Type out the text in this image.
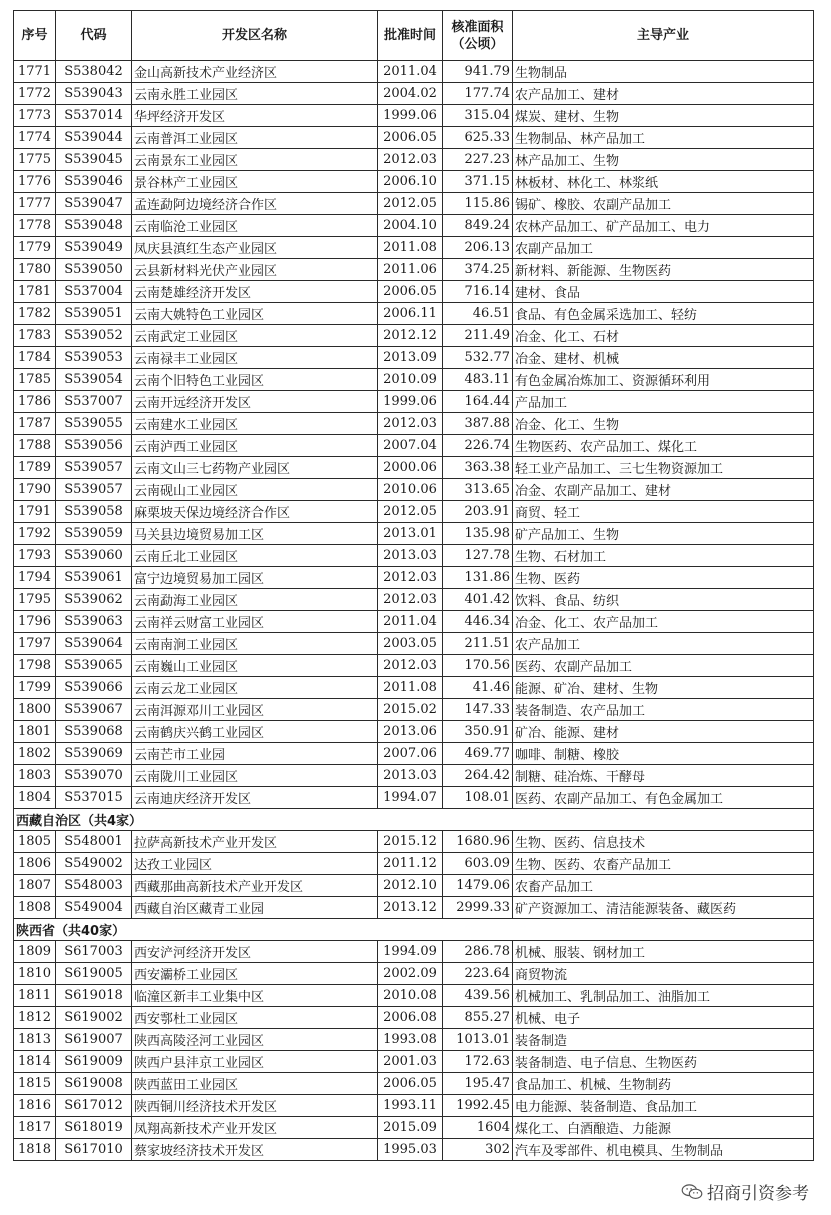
序号	代码	开发区名称	批准时间	核准面积
（公顷）	主导产业
1771	S538042	金山高新技术产业经济区	2011.04	941.79	生物制品
1772	S539043	云南永胜工业园区	2004.02	177.74	农产品加工、建材
1773	S537014	华坪经济开发区	1999.06	315.04	煤炭、建材、生物
1774	S539044	云南普洱工业园区	2006.05	625.33	生物制品、林产品加工
1775	S539045	云南景东工业园区	2012.03	227.23	林产品加工、生物
1776	S539046	景谷林产工业园区	2006.10	371.15	林板材、林化工、林浆纸
1777	S539047	孟连勐阿边境经济合作区	2012.05	115.86	锡矿、橡胶、农副产品加工
1778	S539048	云南临沧工业园区	2004.10	849.24	农林产品加工、矿产品加工、电力
1779	S539049	凤庆县滇红生态产业园区	2011.08	206.13	农副产品加工
1780	S539050	云县新材料光伏产业园区	2011.06	374.25	新材料、新能源、生物医药
1781	S537004	云南楚雄经济开发区	2006.05	716.14	建材、食品
1782	S539051	云南大姚特色工业园区	2006.11	46.51	食品、有色金属采选加工、轻纺
1783	S539052	云南武定工业园区	2012.12	211.49	冶金、化工、石材
1784	S539053	云南禄丰工业园区	2013.09	532.77	冶金、建材、机械
1785	S539054	云南个旧特色工业园区	2010.09	483.11	有色金属冶炼加工、资源循环利用
1786	S537007	云南开远经济开发区	1999.06	164.44	产品加工
1787	S539055	云南建水工业园区	2012.03	387.88	冶金、化工、生物
1788	S539056	云南泸西工业园区	2007.04	226.74	生物医药、农产品加工、煤化工
1789	S539057	云南文山三七药物产业园区	2000.06	363.38	轻工业产品加工、三七生物资源加工
1790	S539057	云南砚山工业园区	2010.06	313.65	冶金、农副产品加工、建材
1791	S539058	麻栗坡天保边境经济合作区	2012.05	203.91	商贸、轻工
1792	S539059	马关县边境贸易加工区	2013.01	135.98	矿产品加工、生物
1793	S539060	云南丘北工业园区	2013.03	127.78	生物、石材加工
1794	S539061	富宁边境贸易加工园区	2012.03	131.86	生物、医药
1795	S539062	云南勐海工业园区	2012.03	401.42	饮料、食品、纺织
1796	S539063	云南祥云财富工业园区	2011.04	446.34	冶金、化工、农产品加工
1797	S539064	云南南涧工业园区	2003.05	211.51	农产品加工
1798	S539065	云南巍山工业园区	2012.03	170.56	医药、农副产品加工
1799	S539066	云南云龙工业园区	2011.08	41.46	能源、矿冶、建材、生物
1800	S539067	云南洱源邓川工业园区	2015.02	147.33	装备制造、农产品加工
1801	S539068	云南鹤庆兴鹤工业园区	2013.06	350.91	矿冶、能源、建材
1802	S539069	云南芒市工业园	2007.06	469.77	咖啡、制糖、橡胶
1803	S539070	云南陇川工业园区	2013.03	264.42	制糖、硅冶炼、干酵母
1804	S537015	云南迪庆经济开发区	1994.07	108.01	医药、农副产品加工、有色金属加工
西藏自治区（共4家）					
1805	S548001	拉萨高新技术产业开发区	2015.12	1680.96	生物、医药、信息技术
1806	S549002	达孜工业园区	2011.12	603.09	生物、医药、农畜产品加工
1807	S548003	西藏那曲高新技术产业开发区	2012.10	1479.06	农畜产品加工
1808	S549004	西藏自治区藏青工业园	2013.12	2999.33	矿产资源加工、清洁能源装备、藏医药
陕西省（共40家）					
1809	S617003	西安浐河经济开发区	1994.09	286.78	机械、服装、钢材加工
1810	S619005	西安灞桥工业园区	2002.09	223.64	商贸物流
1811	S619018	临潼区新丰工业集中区	2010.08	439.56	机械加工、乳制品加工、油脂加工
1812	S619002	西安鄠杜工业园区	2006.08	855.27	机械、电子
1813	S619007	陕西高陵泾河工业园区	1993.08	1013.01	装备制造
1814	S619009	陕西户县沣京工业园区	2001.03	172.63	装备制造、电子信息、生物医药
1815	S619008	陕西蓝田工业园区	2006.05	195.47	食品加工、机械、生物制药
1816	S617012	陕西铜川经济技术开发区	1993.11	1992.45	电力能源、装备制造、食品加工
1817	S618019	凤翔高新技术产业开发区	2015.09	1604	煤化工、白酒酿造、力能源
1818	S617010	蔡家坡经济技术开发区	1995.03	302	汽车及零部件、机电模具、生物制品
招商引资参考
